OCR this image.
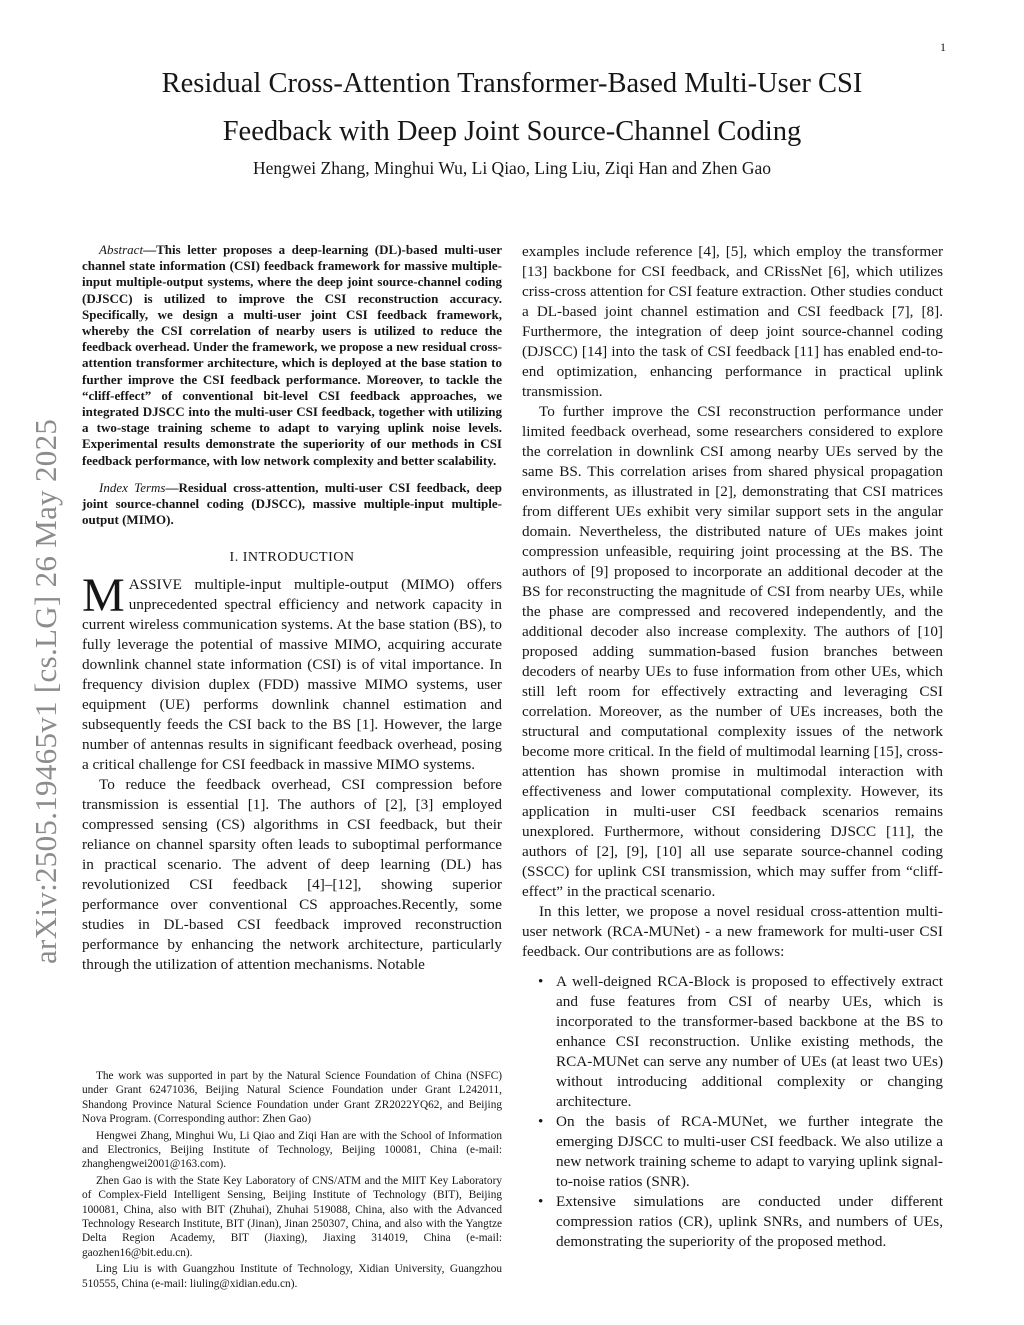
1
arXiv:2505.19465v1 [cs.LG] 26 May 2025
Residual Cross-Attention Transformer-Based Multi-User CSI
Feedback with Deep Joint Source-Channel Coding

Hengwei Zhang, Minghui Wu, Li Qiao, Ling Liu, Ziqi Han and Zhen Gao

Abstract—This letter proposes a deep-learning (DL)-based multi-user channel state information (CSI) feedback framework for massive multiple-input multiple-output systems, where the deep joint source-channel coding (DJSCC) is utilized to improve the CSI reconstruction accuracy. Specifically, we design a multi-user joint CSI feedback framework, whereby the CSI correlation of nearby users is utilized to reduce the feedback overhead. Under the framework, we propose a new residual cross-attention transformer architecture, which is deployed at the base station to further improve the CSI feedback performance. Moreover, to tackle the “cliff-effect” of conventional bit-level CSI feedback approaches, we integrated DJSCC into the multi-user CSI feedback, together with utilizing a two-stage training scheme to adapt to varying uplink noise levels. Experimental results demonstrate the superiority of our methods in CSI feedback performance, with low network complexity and better scalability.

Index Terms—Residual cross-attention, multi-user CSI feedback, deep joint source-channel coding (DJSCC), massive multiple-input multiple-output (MIMO).

I. INTRODUCTION

MASSIVE multiple-input multiple-output (MIMO) offers unprecedented spectral efficiency and network capacity in current wireless communication systems. At the base station (BS), to fully leverage the potential of massive MIMO, acquiring accurate downlink channel state information (CSI) is of vital importance. In frequency division duplex (FDD) massive MIMO systems, user equipment (UE) performs downlink channel estimation and subsequently feeds the CSI back to the BS [1]. However, the large number of antennas results in significant feedback overhead, posing a critical challenge for CSI feedback in massive MIMO systems.

To reduce the feedback overhead, CSI compression before transmission is essential [1]. The authors of [2], [3] employed compressed sensing (CS) algorithms in CSI feedback, but their reliance on channel sparsity often leads to suboptimal performance in practical scenario. The advent of deep learning (DL) has revolutionized CSI feedback [4]–[12], showing superior performance over conventional CS approaches.Recently, some studies in DL-based CSI feedback improved reconstruction performance by enhancing the network architecture, particularly through the utilization of attention mechanisms. Notable

The work was supported in part by the Natural Science Foundation of China (NSFC) under Grant 62471036, Beijing Natural Science Foundation under Grant L242011, Shandong Province Natural Science Foundation under Grant ZR2022YQ62, and Beijing Nova Program. (Corresponding author: Zhen Gao)

Hengwei Zhang, Minghui Wu, Li Qiao and Ziqi Han are with the School of Information and Electronics, Beijing Institute of Technology, Beijing 100081, China (e-mail: zhanghengwei2001@163.com).

Zhen Gao is with the State Key Laboratory of CNS/ATM and the MIIT Key Laboratory of Complex-Field Intelligent Sensing, Beijing Institute of Technology (BIT), Beijing 100081, China, also with BIT (Zhuhai), Zhuhai 519088, China, also with the Advanced Technology Research Institute, BIT (Jinan), Jinan 250307, China, and also with the Yangtze Delta Region Academy, BIT (Jiaxing), Jiaxing 314019, China (e-mail: gaozhen16@bit.edu.cn).

Ling Liu is with Guangzhou Institute of Technology, Xidian University, Guangzhou 510555, China (e-mail: liuling@xidian.edu.cn).

examples include reference [4], [5], which employ the transformer [13] backbone for CSI feedback, and CRissNet [6], which utilizes criss-cross attention for CSI feature extraction. Other studies conduct a DL-based joint channel estimation and CSI feedback [7], [8]. Furthermore, the integration of deep joint source-channel coding (DJSCC) [14] into the task of CSI feedback [11] has enabled end-to-end optimization, enhancing performance in practical uplink transmission.

To further improve the CSI reconstruction performance under limited feedback overhead, some researchers considered to explore the correlation in downlink CSI among nearby UEs served by the same BS. This correlation arises from shared physical propagation environments, as illustrated in [2], demonstrating that CSI matrices from different UEs exhibit very similar support sets in the angular domain. Nevertheless, the distributed nature of UEs makes joint compression unfeasible, requiring joint processing at the BS. The authors of [9] proposed to incorporate an additional decoder at the BS for reconstructing the magnitude of CSI from nearby UEs, while the phase are compressed and recovered independently, and the additional decoder also increase complexity. The authors of [10] proposed adding summation-based fusion branches between decoders of nearby UEs to fuse information from other UEs, which still left room for effectively extracting and leveraging CSI correlation. Moreover, as the number of UEs increases, both the structural and computational complexity issues of the network become more critical. In the field of multimodal learning [15], cross-attention has shown promise in multimodal interaction with effectiveness and lower computational complexity. However, its application in multi-user CSI feedback scenarios remains unexplored. Furthermore, without considering DJSCC [11], the authors of [2], [9], [10] all use separate source-channel coding (SSCC) for uplink CSI transmission, which may suffer from “cliff-effect” in the practical scenario.

In this letter, we propose a novel residual cross-attention multi-user network (RCA-MUNet) - a new framework for multi-user CSI feedback. Our contributions are as follows:

• A well-deigned RCA-Block is proposed to effectively extract and fuse features from CSI of nearby UEs, which is incorporated to the transformer-based backbone at the BS to enhance CSI reconstruction. Unlike existing methods, the RCA-MUNet can serve any number of UEs (at least two UEs) without introducing additional complexity or changing architecture.
• On the basis of RCA-MUNet, we further integrate the emerging DJSCC to multi-user CSI feedback. We also utilize a new network training scheme to adapt to varying uplink signal-to-noise ratios (SNR).
• Extensive simulations are conducted under different compression ratios (CR), uplink SNRs, and numbers of UEs, demonstrating the superiority of the proposed method.
